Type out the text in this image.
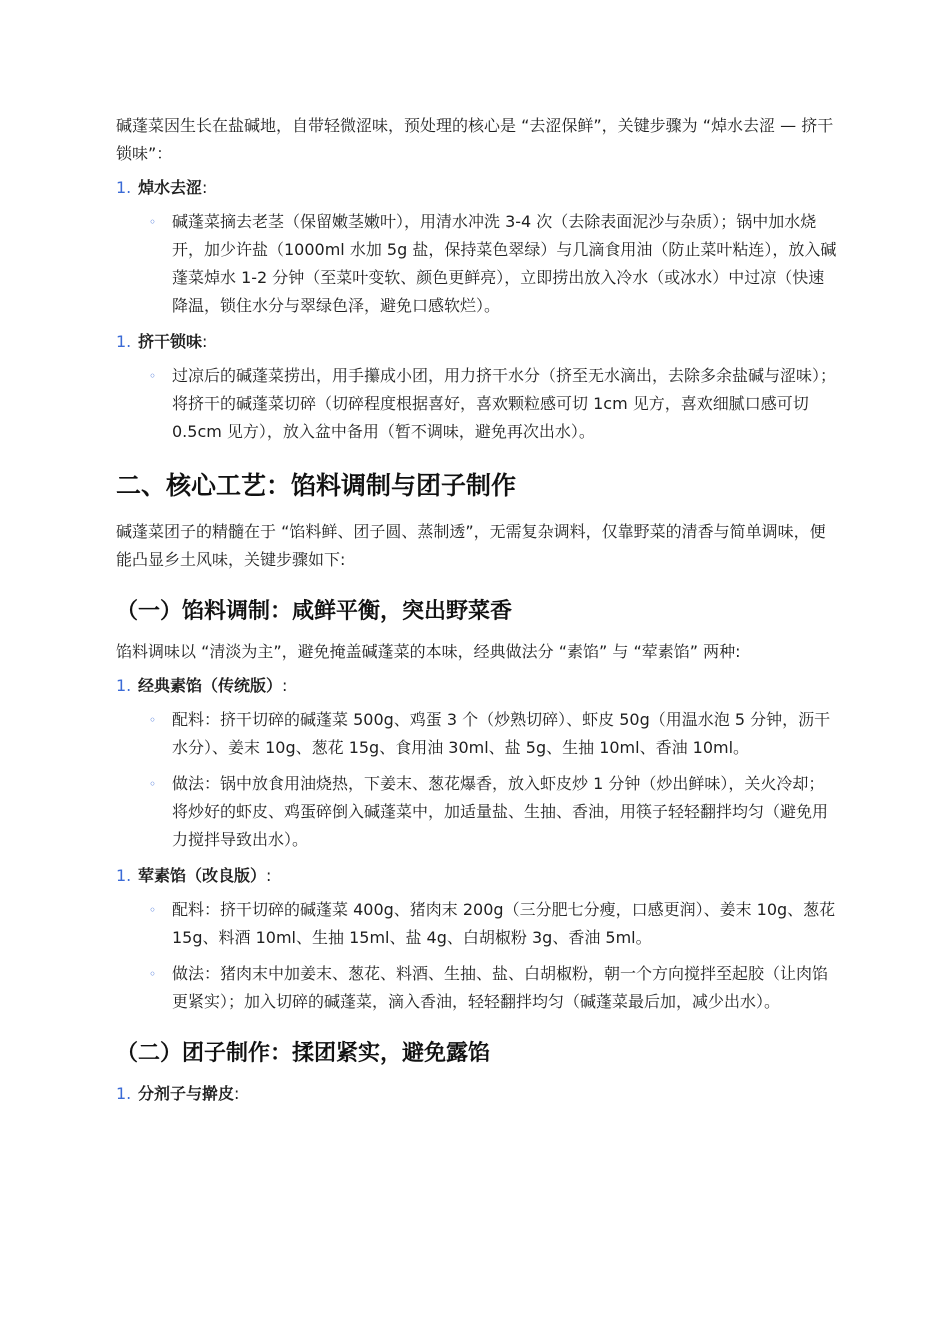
碱蓬菜因生长在盐碱地，自带轻微涩味，预处理的核心是 “去涩保鲜”，关键步骤为 “焯水去涩 — 挤干锁味”：

1. 焯水去涩:
◦ 碱蓬菜摘去老茎（保留嫩茎嫩叶），用清水冲洗 3-4 次（去除表面泥沙与杂质）；锅中加水烧开，加少许盐（1000ml 水加 5g 盐，保持菜色翠绿）与几滴食用油（防止菜叶粘连），放入碱蓬菜焯水 1-2 分钟（至菜叶变软、颜色更鲜亮），立即捞出放入冷水（或冰水）中过凉（快速降温，锁住水分与翠绿色泽，避免口感软烂）。
1. 挤干锁味:
◦ 过凉后的碱蓬菜捞出，用手攥成小团，用力挤干水分（挤至无水滴出，去除多余盐碱与涩味）；将挤干的碱蓬菜切碎（切碎程度根据喜好，喜欢颗粒感可切 1cm 见方，喜欢细腻口感可切 0.5cm 见方），放入盆中备用（暂不调味，避免再次出水）。
二、核心工艺：馅料调制与团子制作

碱蓬菜团子的精髓在于 “馅料鲜、团子圆、蒸制透”，无需复杂调料，仅靠野菜的清香与简单调味，便能凸显乡土风味，关键步骤如下:

（一）馅料调制：咸鲜平衡，突出野菜香

馅料调味以 “清淡为主”，避免掩盖碱蓬菜的本味，经典做法分 “素馅” 与 “荤素馅” 两种:

1. 经典素馅（传统版）:
◦ 配料：挤干切碎的碱蓬菜 500g、鸡蛋 3 个（炒熟切碎）、虾皮 50g（用温水泡 5 分钟，沥干水分）、姜末 10g、葱花 15g、食用油 30ml、盐 5g、生抽 10ml、香油 10ml。
◦ 做法：锅中放食用油烧热，下姜末、葱花爆香，放入虾皮炒 1 分钟（炒出鲜味），关火冷却；将炒好的虾皮、鸡蛋碎倒入碱蓬菜中，加适量盐、生抽、香油，用筷子轻轻翻拌均匀（避免用力搅拌导致出水）。
1. 荤素馅（改良版）:
◦ 配料：挤干切碎的碱蓬菜 400g、猪肉末 200g（三分肥七分瘦，口感更润）、姜末 10g、葱花 15g、料酒 10ml、生抽 15ml、盐 4g、白胡椒粉 3g、香油 5ml。
◦ 做法：猪肉末中加姜末、葱花、料酒、生抽、盐、白胡椒粉，朝一个方向搅拌至起胶（让肉馅更紧实）；加入切碎的碱蓬菜，滴入香油，轻轻翻拌均匀（碱蓬菜最后加，减少出水）。
（二）团子制作：揉团紧实，避免露馅
1. 分剂子与擀皮:
